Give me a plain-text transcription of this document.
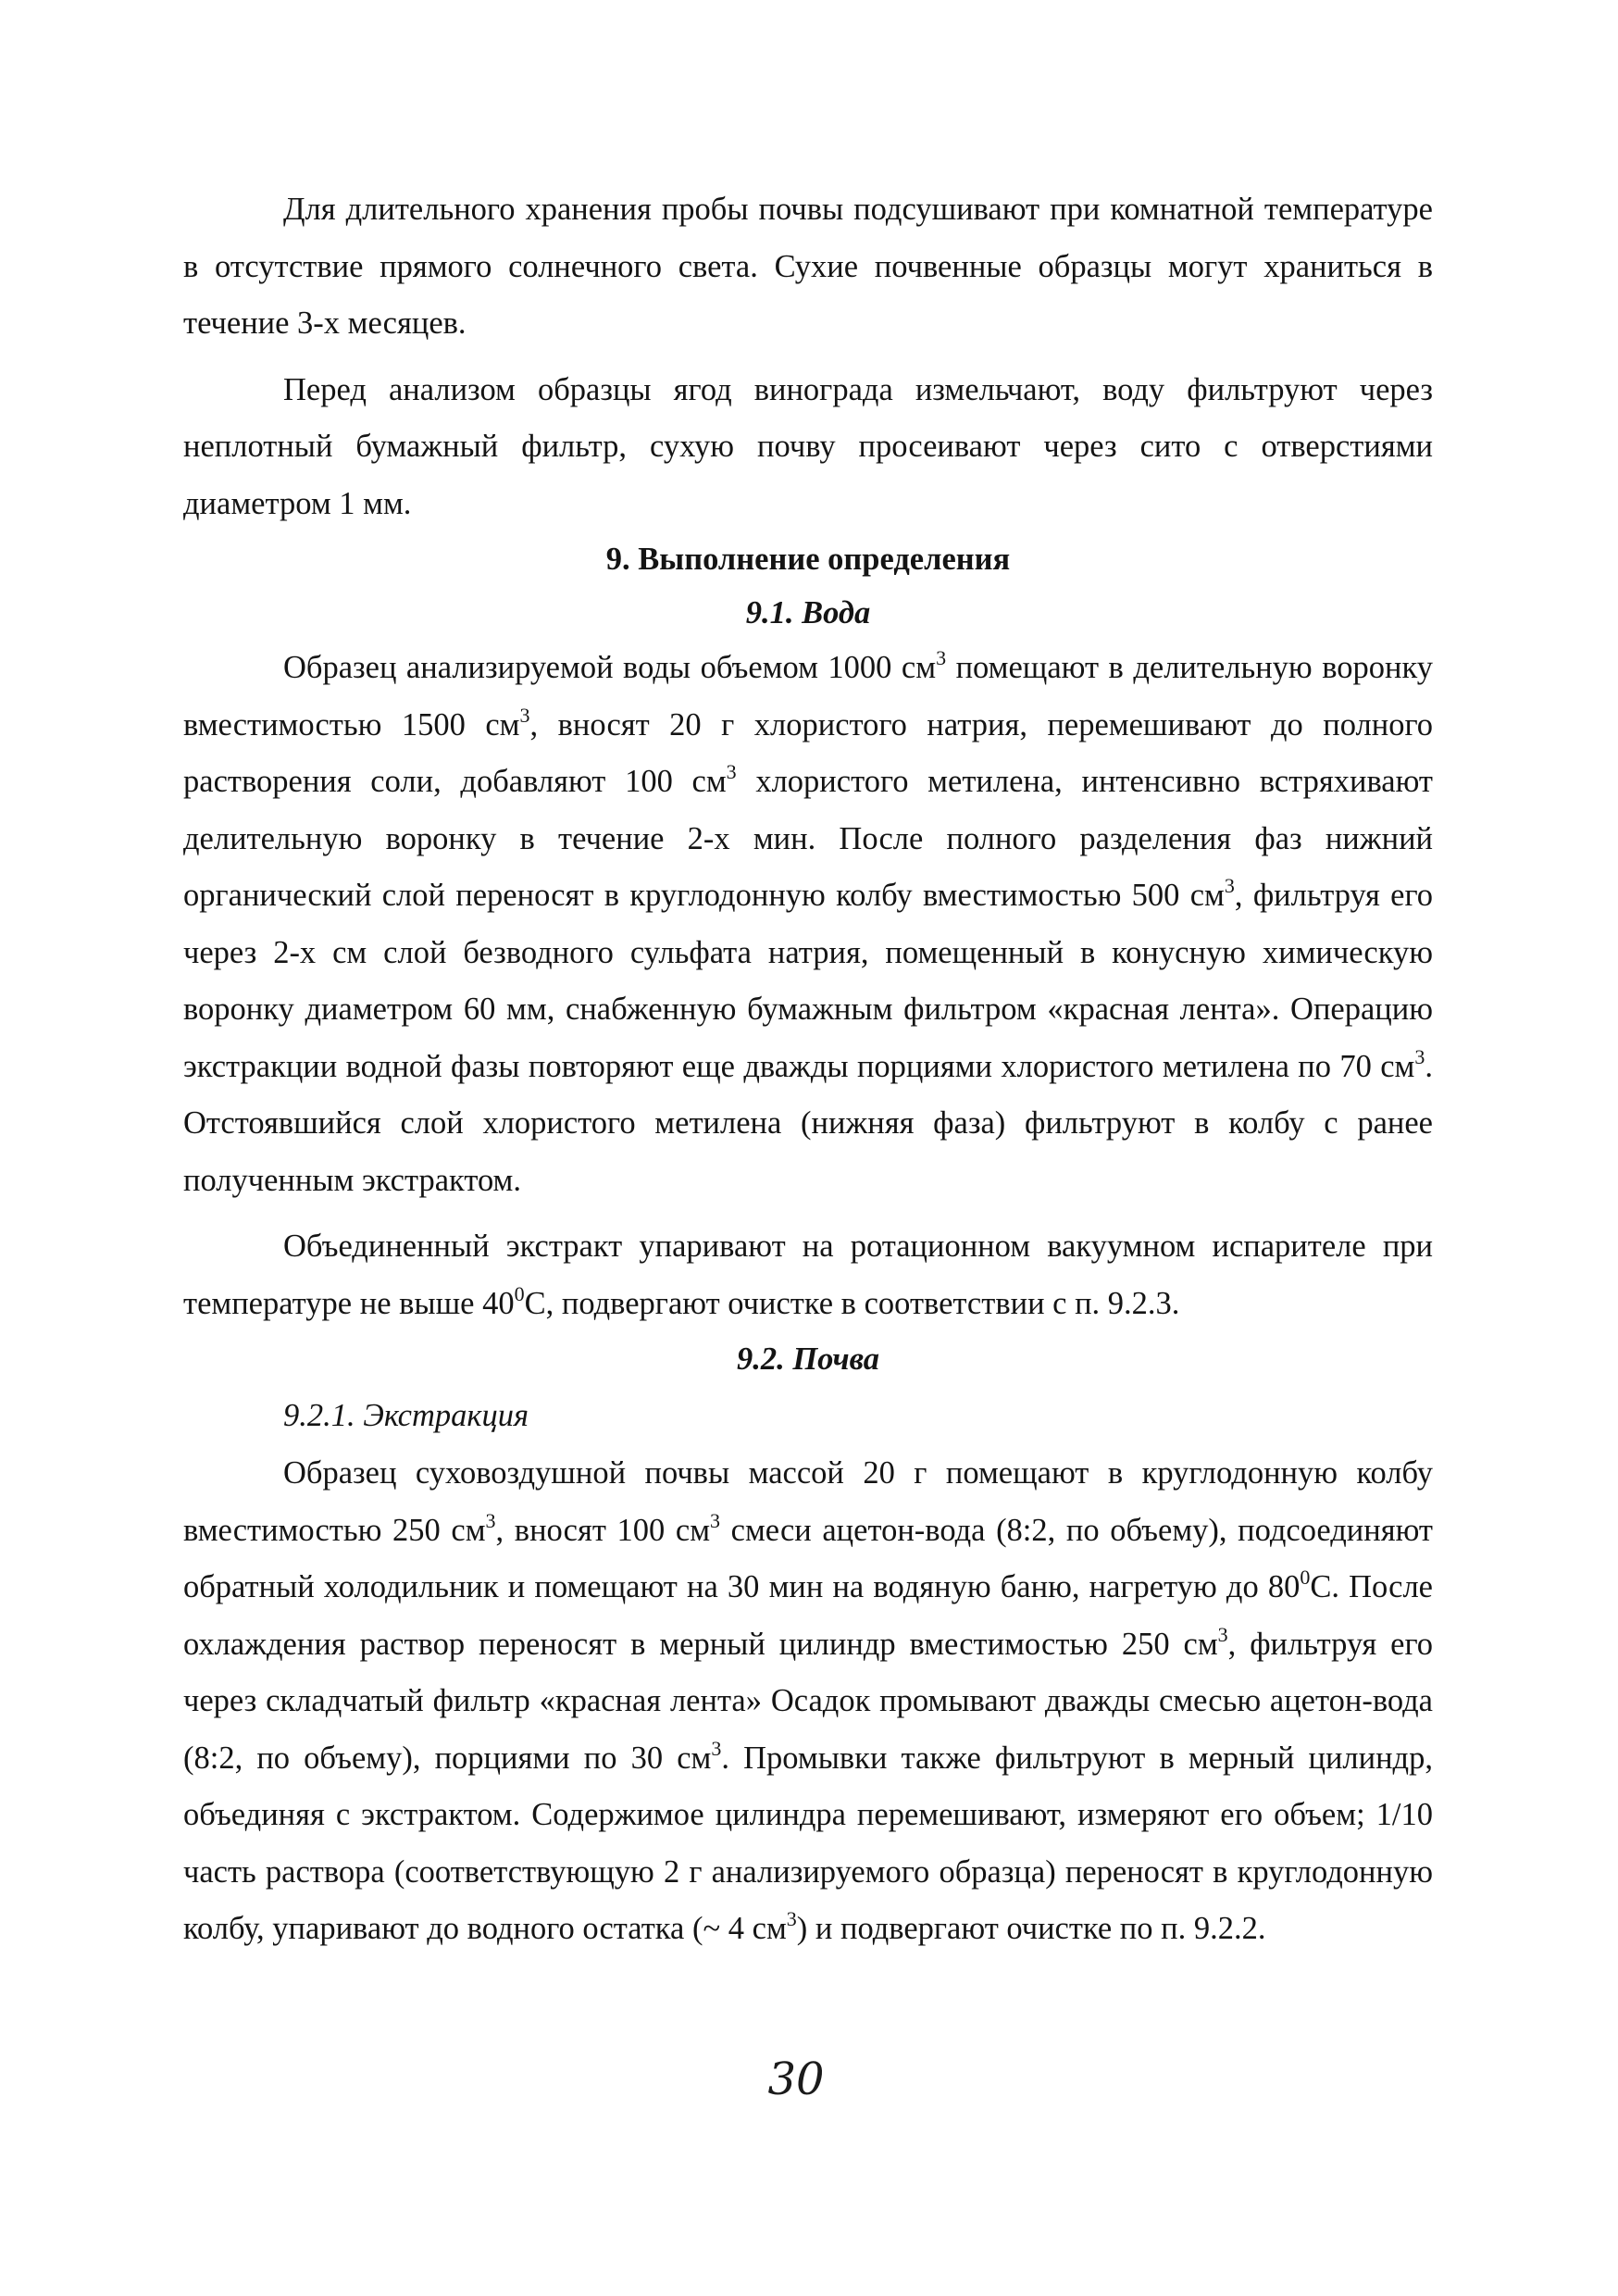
Для длительного хранения пробы почвы подсушивают при комнатной температуре в отсутствие прямого солнечного света. Сухие почвенные образцы могут храниться в течение 3-х месяцев.

Перед анализом образцы ягод винограда измельчают, воду фильтруют через неплотный бумажный фильтр, сухую почву просеивают через сито с отверстиями диаметром 1 мм.

9. Выполнение определения
9.1. Вода

Образец анализируемой воды объемом 1000 $см^3$ помещают в делительную воронку вместимостью 1500 $см^3$, вносят 20 г хлористого натрия, перемешивают до полного растворения соли, добавляют 100 $см^3$ хлористого метилена, интенсивно встряхивают делительную воронку в течение 2-х мин. После полного разделения фаз нижний органический слой переносят в круглодонную колбу вместимостью 500 $см^3$, фильтруя его через 2-х см слой безводного сульфата натрия, помещенный в конусную химическую воронку диаметром 60 мм, снабженную бумажным фильтром «красная лента». Операцию экстракции водной фазы повторяют еще дважды порциями хлористого метилена по 70 $см^3$. Отстоявшийся слой хлористого метилена (нижняя фаза) фильтруют в колбу с ранее полученным экстрактом.

Объединенный экстракт упаривают на ротационном вакуумном испарителе при температуре не выше $40^0С$, подвергают очистке в соответствии с п. 9.2.3.

9.2. Почва
9.2.1. Экстракция

Образец суховоздушной почвы массой 20 г помещают в круглодонную колбу вместимостью 250 $см^3$, вносят 100 $см^3$ смеси ацетон-вода (8:2, по объему), подсоединяют обратный холодильник и помещают на 30 мин на водяную баню, нагретую до $80^0С$. После охлаждения раствор переносят в мерный цилиндр вместимостью 250 $см^3$, фильтруя его через складчатый фильтр «красная лента» Осадок промывают дважды смесью ацетон-вода (8:2, по объему), порциями по 30 $см^3$. Промывки также фильтруют в мерный цилиндр, объединяя с экстрактом. Содержимое цилиндра перемешивают, измеряют его объем; 1/10 часть раствора (соответствующую 2 г анализируемого образца) переносят в круглодонную колбу, упаривают до водного остатка (~ 4 $см^3$) и подвергают очистке по п. 9.2.2.

30
